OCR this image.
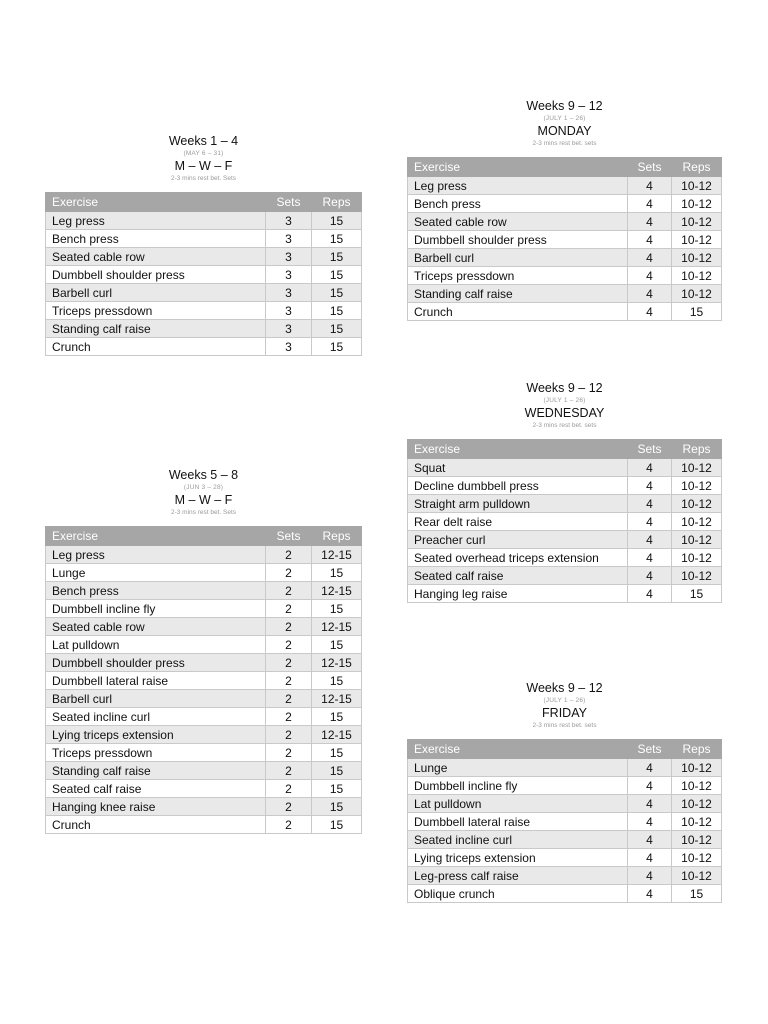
Weeks 1 – 4
(MAY 6 – 31)
M – W – F
2-3 mins rest bet. Sets
Exercise	Sets	Reps
Leg press	3	15
Bench press	3	15
Seated cable row	3	15
Dumbbell shoulder press	3	15
Barbell curl	3	15
Triceps pressdown	3	15
Standing calf raise	3	15
Crunch	3	15
Weeks 5 – 8
(JUN 3 – 28)
M – W – F
2-3 mins rest bet. Sets
Exercise	Sets	Reps
Leg press	2	12-15
Lunge	2	15
Bench press	2	12-15
Dumbbell incline fly	2	15
Seated cable row	2	12-15
Lat pulldown	2	15
Dumbbell shoulder press	2	12-15
Dumbbell lateral raise	2	15
Barbell curl	2	12-15
Seated incline curl	2	15
Lying triceps extension	2	12-15
Triceps pressdown	2	15
Standing calf raise	2	15
Seated calf raise	2	15
Hanging knee raise	2	15
Crunch	2	15
Weeks 9 – 12
(JULY 1 – 26)
MONDAY
2-3 mins rest bet. sets
Exercise	Sets	Reps
Leg press	4	10-12
Bench press	4	10-12
Seated cable row	4	10-12
Dumbbell shoulder press	4	10-12
Barbell curl	4	10-12
Triceps pressdown	4	10-12
Standing calf raise	4	10-12
Crunch	4	15
Weeks 9 – 12
(JULY 1 – 26)
WEDNESDAY
2-3 mins rest bet. sets
Exercise	Sets	Reps
Squat	4	10-12
Decline dumbbell press	4	10-12
Straight arm pulldown	4	10-12
Rear delt raise	4	10-12
Preacher curl	4	10-12
Seated overhead triceps extension	4	10-12
Seated calf raise	4	10-12
Hanging leg raise	4	15
Weeks 9 – 12
(JULY 1 – 26)
FRIDAY
2-3 mins rest bet. sets
Exercise	Sets	Reps
Lunge	4	10-12
Dumbbell incline fly	4	10-12
Lat pulldown	4	10-12
Dumbbell lateral raise	4	10-12
Seated incline curl	4	10-12
Lying triceps extension	4	10-12
Leg-press calf raise	4	10-12
Oblique crunch	4	15
